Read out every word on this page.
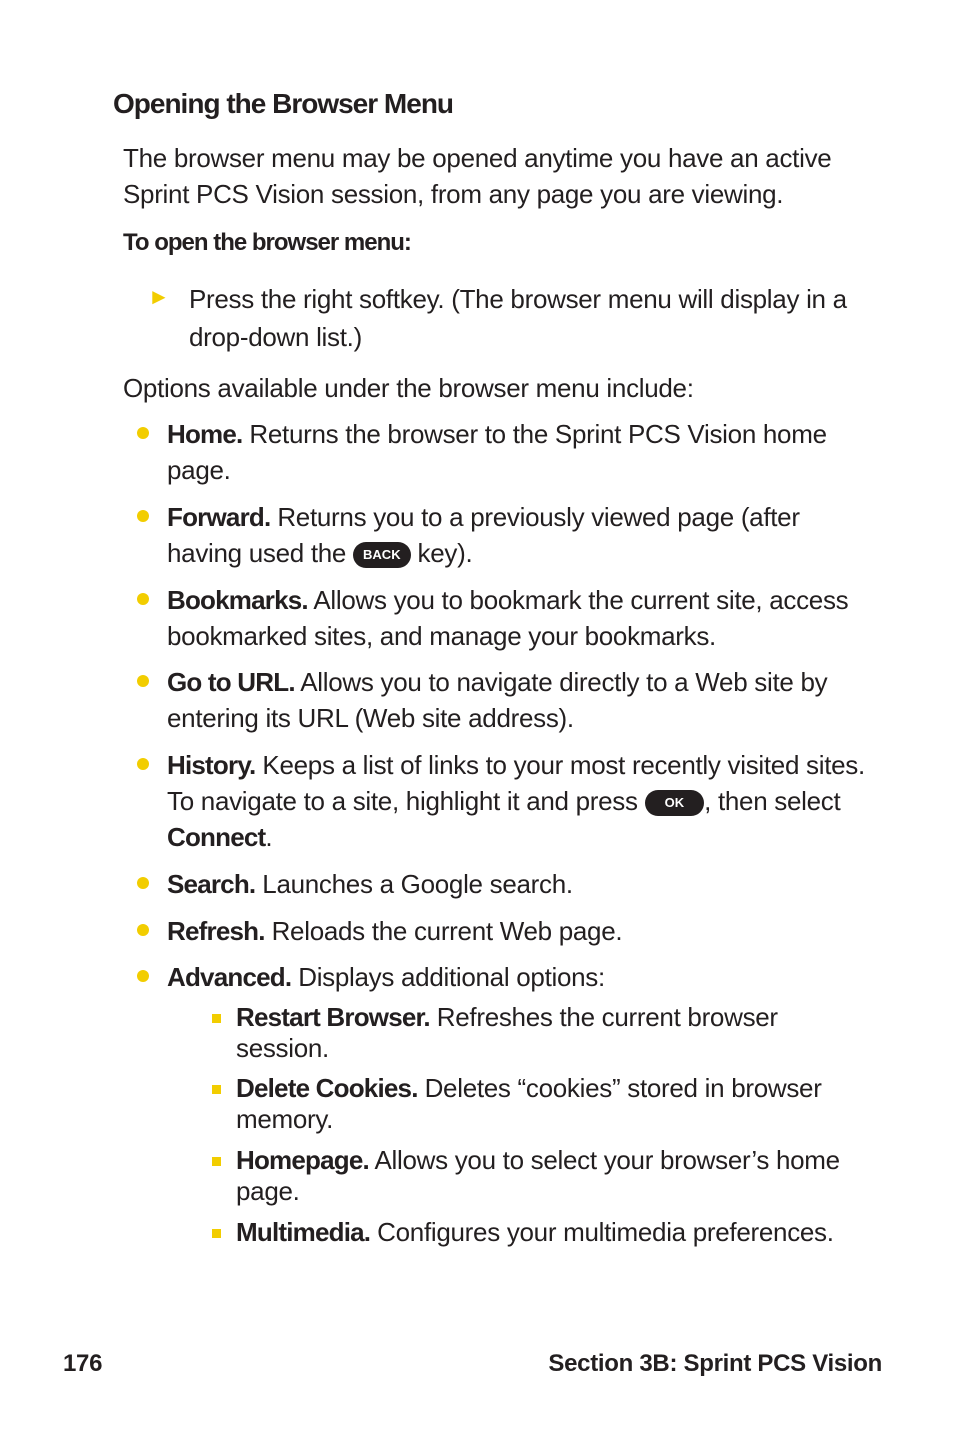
Opening the Browser Menu

The browser menu may be opened anytime you have an active Sprint PCS Vision session, from any page you are viewing.

To open the browser menu:
► Press the right softkey. (The browser menu will display in a drop-down list.)

Options available under the browser menu include:

Home. Returns the browser to the Sprint PCS Vision home page.
Forward. Returns you to a previously viewed page (after having used the BACK key).
Bookmarks. Allows you to bookmark the current site, access bookmarked sites, and manage your bookmarks.
Go to URL. Allows you to navigate directly to a Web site by entering its URL (Web site address).
History. Keeps a list of links to your most recently visited sites. To navigate to a site, highlight it and press OK , then select Connect.
Search. Launches a Google search.
Refresh. Reloads the current Web page.
Advanced. Displays additional options:
Restart Browser. Refreshes the current browser session.
Delete Cookies. Deletes “cookies” stored in browser memory.
Homepage. Allows you to select your browser’s home page.
Multimedia. Configures your multimedia preferences.
176	Section 3B: Sprint PCS Vision
